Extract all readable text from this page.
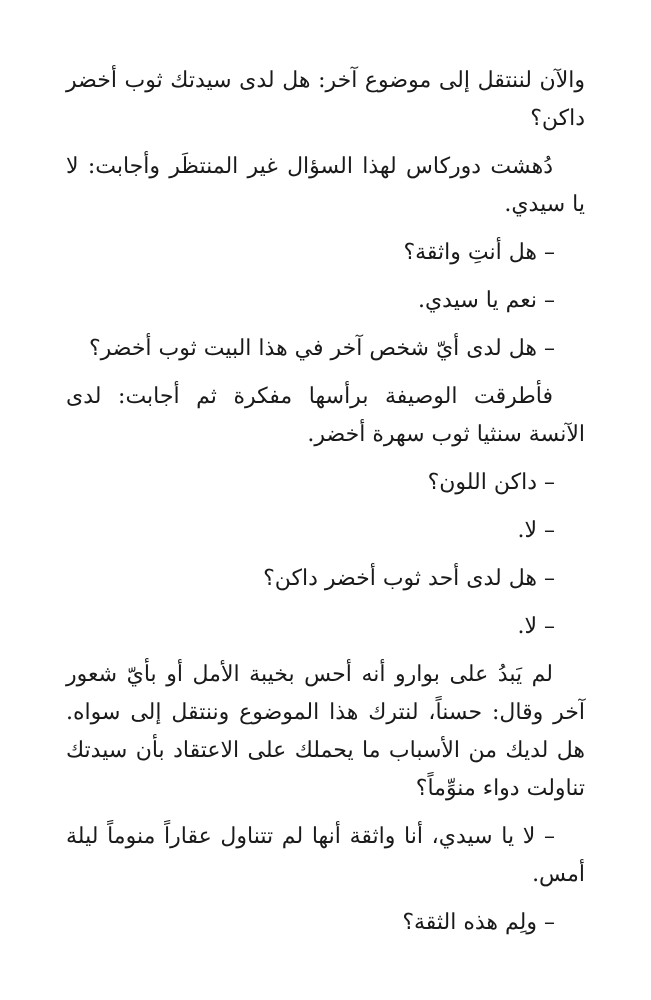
والآن لننتقل إلى موضوع آخر: هل لدى سيدتك ثوب أخضر داكن؟

دُهشت دوركاس لهذا السؤال غير المنتظَر وأجابت: لا يا سيدي.

– هل أنتِ واثقة؟

– نعم يا سيدي.

– هل لدى أيّ شخص آخر في هذا البيت ثوب أخضر؟

فأطرقت الوصيفة برأسها مفكرة ثم أجابت: لدى الآنسة سنثيا ثوب سهرة أخضر.

– داكن اللون؟

– لا.

– هل لدى أحد ثوب أخضر داكن؟

– لا.

لم يَبدُ على بوارو أنه أحس بخيبة الأمل أو بأيّ شعور آخر وقال: حسناً، لنترك هذا الموضوع وننتقل إلى سواه. هل لديك من الأسباب ما يحملك على الاعتقاد بأن سيدتك تناولت دواء منوِّماً؟

– لا يا سيدي، أنا واثقة أنها لم تتناول عقاراً منوماً ليلة أمس.

– ولِم هذه الثقة؟
